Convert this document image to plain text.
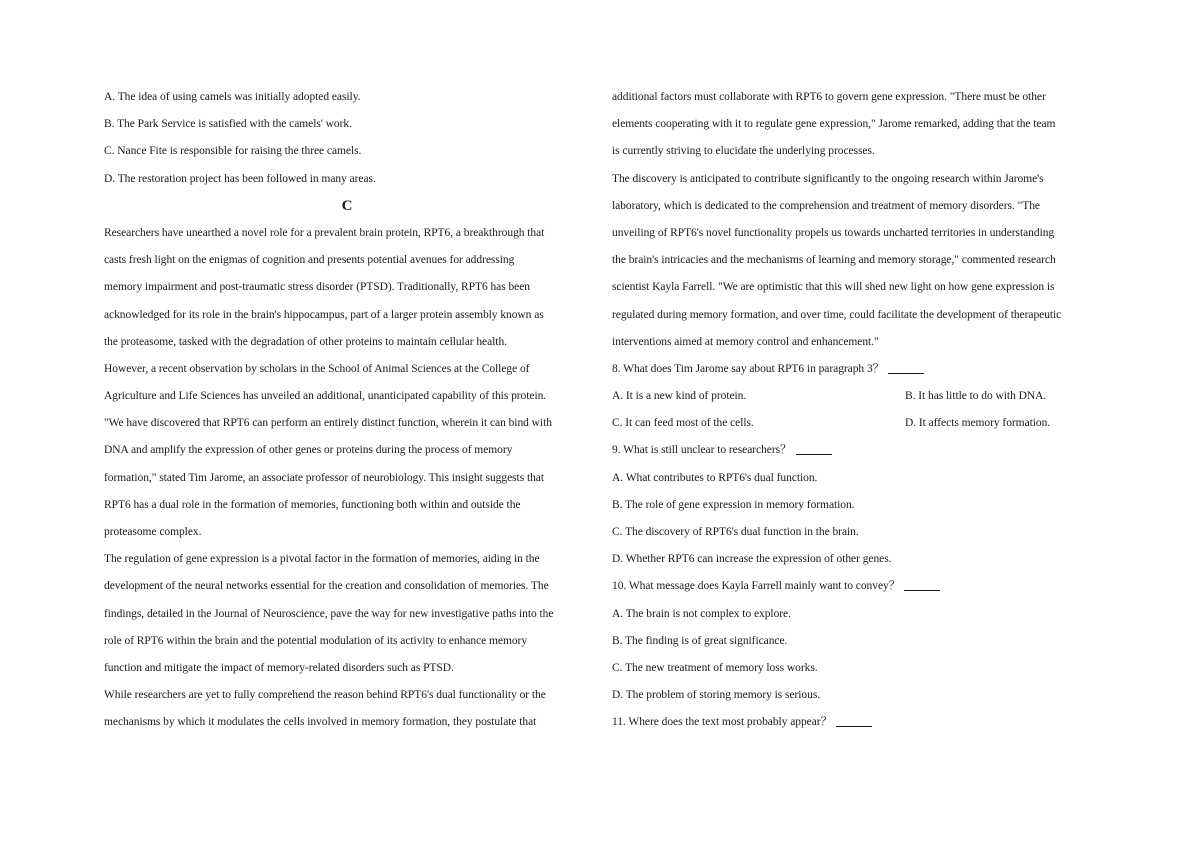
A. The idea of using camels was initially adopted easily.
B. The Park Service is satisfied with the camels' work.
C. Nance Fite is responsible for raising the three camels.
D. The restoration project has been followed in many areas.
C
Researchers have unearthed a novel role for a prevalent brain protein, RPT6, a breakthrough that
casts fresh light on the enigmas of cognition and presents potential avenues for addressing
memory impairment and post-traumatic stress disorder (PTSD). Traditionally, RPT6 has been
acknowledged for its role in the brain's hippocampus, part of a larger protein assembly known as
the proteasome, tasked with the degradation of other proteins to maintain cellular health.
However, a recent observation by scholars in the School of Animal Sciences at the College of
Agriculture and Life Sciences has unveiled an additional, unanticipated capability of this protein.
"We have discovered that RPT6 can perform an entirely distinct function, wherein it can bind with
DNA and amplify the expression of other genes or proteins during the process of memory
formation," stated Tim Jarome, an associate professor of neurobiology. This insight suggests that
RPT6 has a dual role in the formation of memories, functioning both within and outside the
proteasome complex.
The regulation of gene expression is a pivotal factor in the formation of memories, aiding in the
development of the neural networks essential for the creation and consolidation of memories. The
findings, detailed in the Journal of Neuroscience, pave the way for new investigative paths into the
role of RPT6 within the brain and the potential modulation of its activity to enhance memory
function and mitigate the impact of memory-related disorders such as PTSD.
While researchers are yet to fully comprehend the reason behind RPT6's dual functionality or the
mechanisms by which it modulates the cells involved in memory formation, they postulate that
additional factors must collaborate with RPT6 to govern gene expression. "There must be other
elements cooperating with it to regulate gene expression," Jarome remarked, adding that the team
is currently striving to elucidate the underlying processes.
The discovery is anticipated to contribute significantly to the ongoing research within Jarome's
laboratory, which is dedicated to the comprehension and treatment of memory disorders. "The
unveiling of RPT6's novel functionality propels us towards uncharted territories in understanding
the brain's intricacies and the mechanisms of learning and memory storage," commented research
scientist Kayla Farrell. "We are optimistic that this will shed new light on how gene expression is
regulated during memory formation, and over time, could facilitate the development of therapeutic
interventions aimed at memory control and enhancement."
8. What does Tim Jarome say about RPT6 in paragraph 3？
A. It is a new kind of protein.	B. It has little to do with DNA.
C. It can feed most of the cells.	D. It affects memory formation.
9. What is still unclear to researchers？
A. What contributes to RPT6's dual function.
B. The role of gene expression in memory formation.
C. The discovery of RPT6's dual function in the brain.
D. Whether RPT6 can increase the expression of other genes.
10. What message does Kayla Farrell mainly want to convey？
A. The brain is not complex to explore.
B. The finding is of great significance.
C. The new treatment of memory loss works.
D. The problem of storing memory is serious.
11. Where does the text most probably appear？
